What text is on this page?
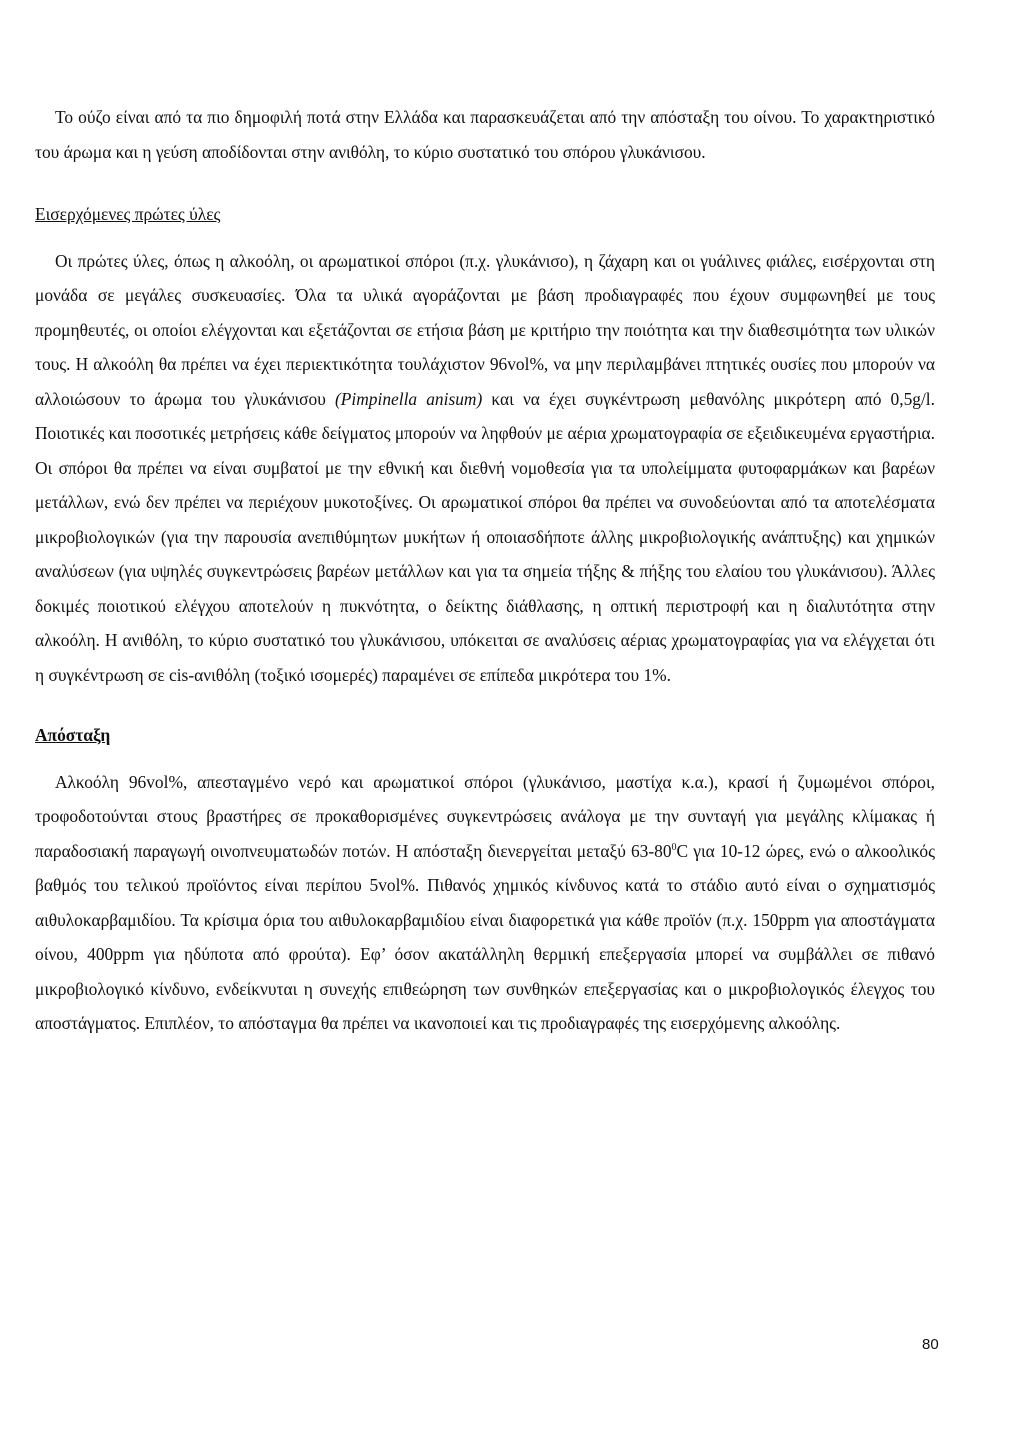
Το ούζο είναι από τα πιο δημοφιλή ποτά στην Ελλάδα και παρασκευάζεται από την απόσταξη του οίνου. Το χαρακτηριστικό του άρωμα και η γεύση αποδίδονται στην ανιθόλη, το κύριο συστατικό του σπόρου γλυκάνισου.

Εισερχόμενες πρώτες ύλες

Οι πρώτες ύλες, όπως η αλκοόλη, οι αρωματικοί σπόροι (π.χ. γλυκάνισο), η ζάχαρη και οι γυάλινες φιάλες, εισέρχονται στη μονάδα σε μεγάλες συσκευασίες. Όλα τα υλικά αγοράζονται με βάση προδιαγραφές που έχουν συμφωνηθεί με τους προμηθευτές, οι οποίοι ελέγχονται και εξετάζονται σε ετήσια βάση με κριτήριο την ποιότητα και την διαθεσιμότητα των υλικών τους. Η αλκοόλη θα πρέπει να έχει περιεκτικότητα τουλάχιστον 96vol%, να μην περιλαμβάνει πτητικές ουσίες που μπορούν να αλλοιώσουν το άρωμα του γλυκάνισου (Pimpinella anisum) και να έχει συγκέντρωση μεθανόλης μικρότερη από 0,5g/l. Ποιοτικές και ποσοτικές μετρήσεις κάθε δείγματος μπορούν να ληφθούν με αέρια χρωματογραφία σε εξειδικευμένα εργαστήρια. Οι σπόροι θα πρέπει να είναι συμβατοί με την εθνική και διεθνή νομοθεσία για τα υπολείμματα φυτοφαρμάκων και βαρέων μετάλλων, ενώ δεν πρέπει να περιέχουν μυκοτοξίνες. Οι αρωματικοί σπόροι θα πρέπει να συνοδεύονται από τα αποτελέσματα μικροβιολογικών (για την παρουσία ανεπιθύμητων μυκήτων ή οποιασδήποτε άλλης μικροβιολογικής ανάπτυξης) και χημικών αναλύσεων (για υψηλές συγκεντρώσεις βαρέων μετάλλων και για τα σημεία τήξης & πήξης του ελαίου του γλυκάνισου). Άλλες δοκιμές ποιοτικού ελέγχου αποτελούν η πυκνότητα, ο δείκτης διάθλασης, η οπτική περιστροφή και η διαλυτότητα στην αλκοόλη. Η ανιθόλη, το κύριο συστατικό του γλυκάνισου, υπόκειται σε αναλύσεις αέριας χρωματογραφίας για να ελέγχεται ότι η συγκέντρωση σε cis-ανιθόλη (τοξικό ισομερές) παραμένει σε επίπεδα μικρότερα του 1%.

Απόσταξη

Αλκοόλη 96vol%, απεσταγμένο νερό και αρωματικοί σπόροι (γλυκάνισο, μαστίχα κ.α.), κρασί ή ζυμωμένοι σπόροι, τροφοδοτούνται στους βραστήρες σε προκαθορισμένες συγκεντρώσεις ανάλογα με την συνταγή για μεγάλης κλίμακας ή παραδοσιακή παραγωγή οινοπνευματωδών ποτών. Η απόσταξη διενεργείται μεταξύ $63-80^0C$ για 10-12 ώρες, ενώ ο αλκοολικός βαθμός του τελικού προϊόντος είναι περίπου 5vol%. Πιθανός χημικός κίνδυνος κατά το στάδιο αυτό είναι ο σχηματισμός αιθυλοκαρβαμιδίου. Τα κρίσιμα όρια του αιθυλοκαρβαμιδίου είναι διαφορετικά για κάθε προϊόν (π.χ. 150ppm για αποστάγματα οίνου, 400ppm για ηδύποτα από φρούτα). Εφ’ όσον ακατάλληλη θερμική επεξεργασία μπορεί να συμβάλλει σε πιθανό μικροβιολογικό κίνδυνο, ενδείκνυται η συνεχής επιθεώρηση των συνθηκών επεξεργασίας και ο μικροβιολογικός έλεγχος του αποστάγματος. Επιπλέον, το απόσταγμα θα πρέπει να ικανοποιεί και τις προδιαγραφές της εισερχόμενης αλκοόλης.

80
